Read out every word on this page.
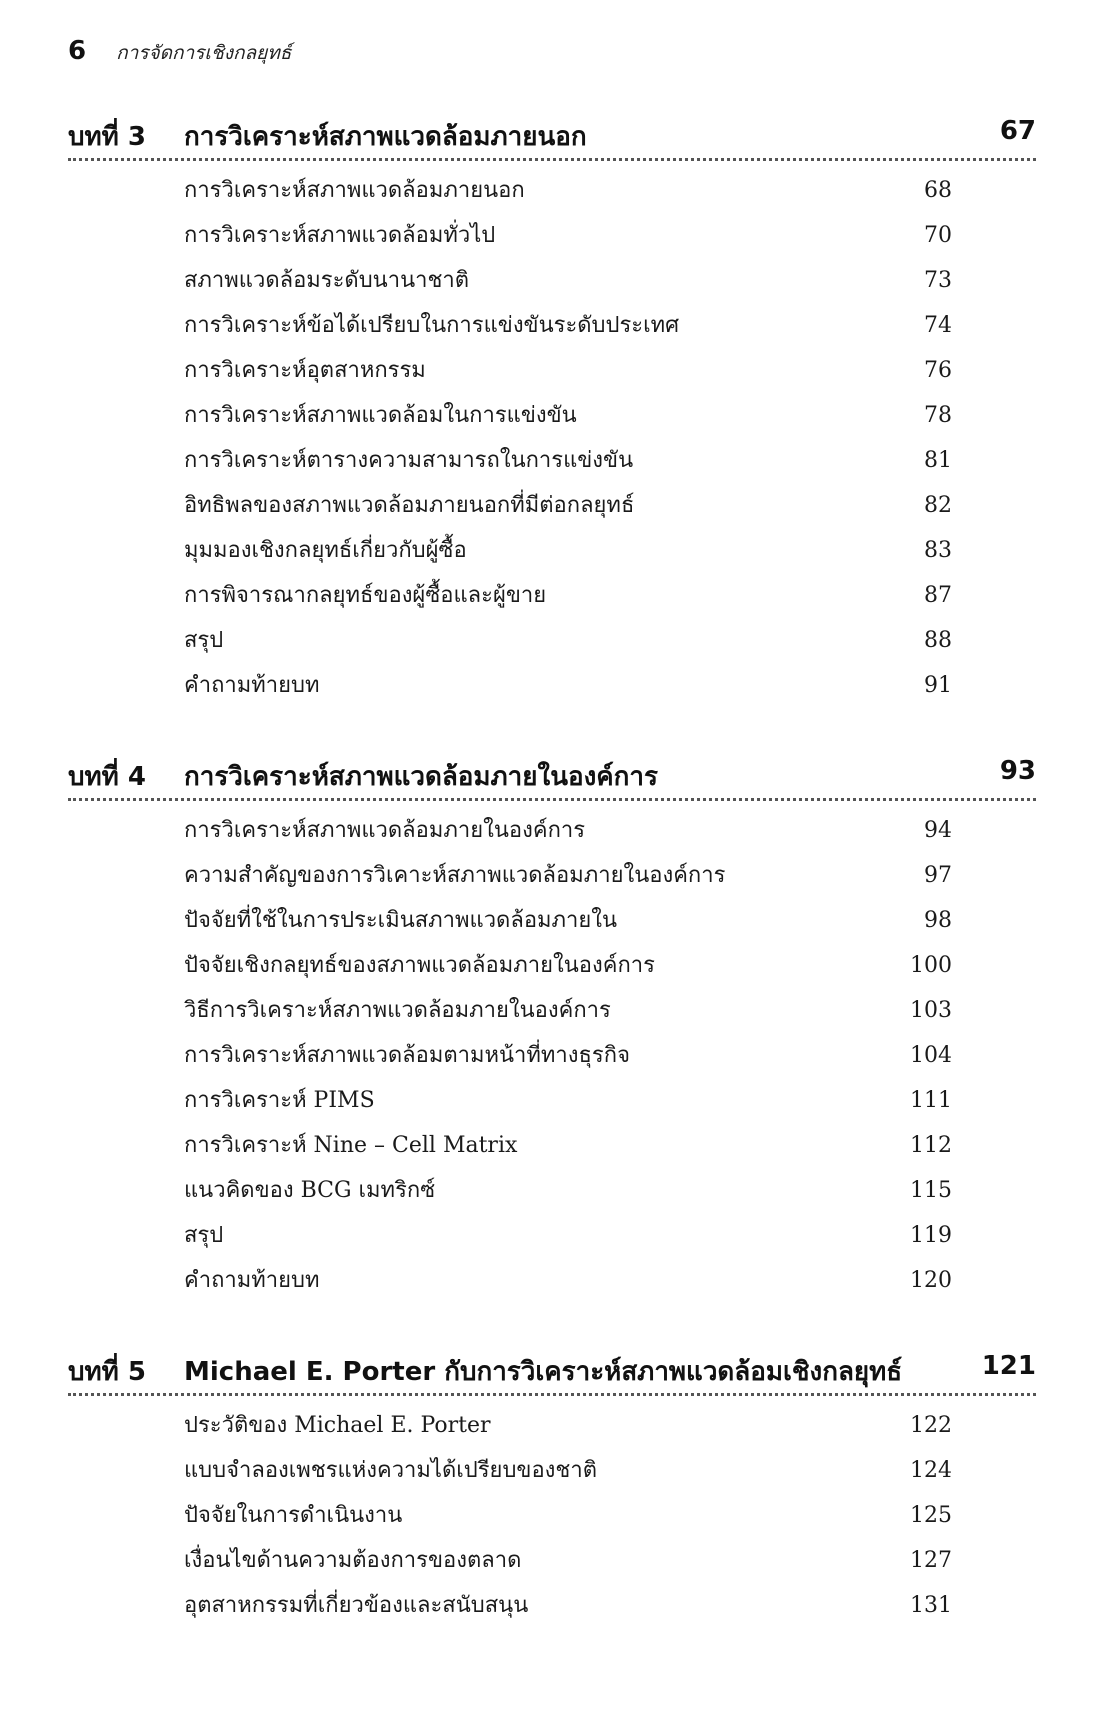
6 การจัดการเชิงกลยุทธ์
บทที่ 3 การวิเคราะห์สภาพแวดล้อมภายนอก	67
การวิเคราะห์สภาพแวดล้อมภายนอก	68
การวิเคราะห์สภาพแวดล้อมทั่วไป	70
สภาพแวดล้อมระดับนานาชาติ	73
การวิเคราะห์ข้อได้เปรียบในการแข่งขันระดับประเทศ	74
การวิเคราะห์อุตสาหกรรม	76
การวิเคราะห์สภาพแวดล้อมในการแข่งขัน	78
การวิเคราะห์ตารางความสามารถในการแข่งขัน	81
อิทธิพลของสภาพแวดล้อมภายนอกที่มีต่อกลยุทธ์	82
มุมมองเชิงกลยุทธ์เกี่ยวกับผู้ซื้อ	83
การพิจารณากลยุทธ์ของผู้ซื้อและผู้ขาย	87
สรุป	88
คำถามท้ายบท	91
บทที่ 4 การวิเคราะห์สภาพแวดล้อมภายในองค์การ	93
การวิเคราะห์สภาพแวดล้อมภายในองค์การ	94
ความสำคัญของการวิเคาะห์สภาพแวดล้อมภายในองค์การ	97
ปัจจัยที่ใช้ในการประเมินสภาพแวดล้อมภายใน	98
ปัจจัยเชิงกลยุทธ์ของสภาพแวดล้อมภายในองค์การ	100
วิธีการวิเคราะห์สภาพแวดล้อมภายในองค์การ	103
การวิเคราะห์สภาพแวดล้อมตามหน้าที่ทางธุรกิจ	104
การวิเคราะห์ PIMS	111
การวิเคราะห์ Nine – Cell Matrix	112
แนวคิดของ BCG เมทริกซ์	115
สรุป	119
คำถามท้ายบท	120
บทที่ 5 Michael E. Porter กับการวิเคราะห์สภาพแวดล้อมเชิงกลยุทธ์	121
ประวัติของ Michael E. Porter	122
แบบจำลองเพชรแห่งความได้เปรียบของชาติ	124
ปัจจัยในการดำเนินงาน	125
เงื่อนไขด้านความต้องการของตลาด	127
อุตสาหกรรมที่เกี่ยวข้องและสนับสนุน	131
